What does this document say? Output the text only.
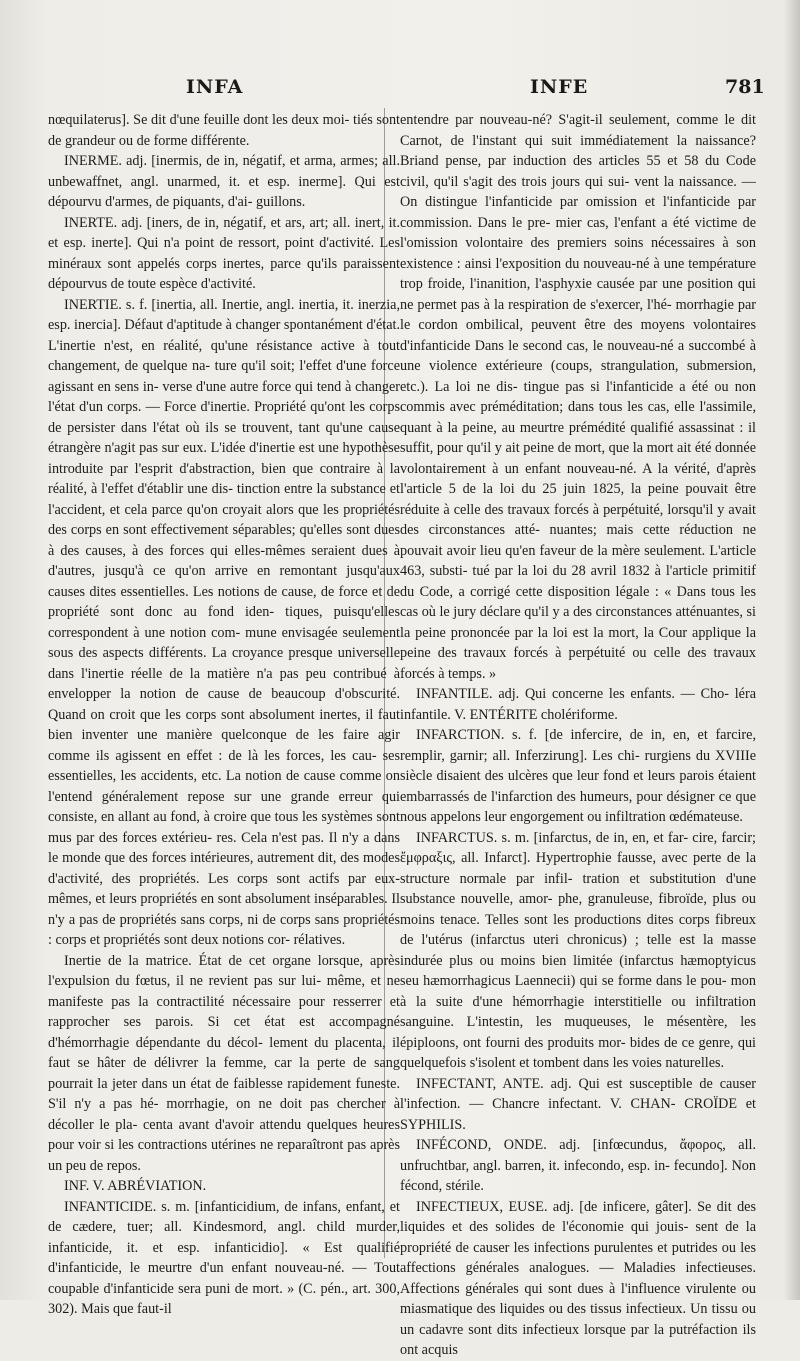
INFA	INFE	781

nœquilaterus]. Se dit d'une feuille dont les deux moi- tiés sont de grandeur ou de forme différente.

INERME. adj. [inermis, de in, négatif, et arma, armes; all. unbewaffnet, angl. unarmed, it. et esp. inerme]. Qui est dépourvu d'armes, de piquants, d'ai- guillons.

INERTE. adj. [iners, de in, négatif, et ars, art; all. inert, it. et esp. inerte]. Qui n'a point de ressort, point d'activité. Les minéraux sont appelés corps inertes, parce qu'ils paraissent dépourvus de toute espèce d'activité.

INERTIE. s. f. [inertia, all. Inertie, angl. inertia, it. inerzia, esp. inercia]. Défaut d'aptitude à changer spontanément d'état. L'inertie n'est, en réalité, qu'une résistance active à tout changement, de quelque na- ture qu'il soit; l'effet d'une force agissant en sens in- verse d'une autre force qui tend à changer l'état d'un corps. — Force d'inertie. Propriété qu'ont les corps de persister dans l'état où ils se trouvent, tant qu'une cause étrangère n'agit pas sur eux. L'idée d'inertie est une hypothèse introduite par l'esprit d'abstraction, bien que contraire à la réalité, à l'effet d'établir une dis- tinction entre la substance et l'accident, et cela parce qu'on croyait alors que les propriétés des corps en sont effectivement séparables; qu'elles sont dues à des causes, à des forces qui elles-mêmes seraient dues à d'autres, jusqu'à ce qu'on arrive en remontant jusqu'aux causes dites essentielles. Les notions de cause, de force et de propriété sont donc au fond iden- tiques, puisqu'elles correspondent à une notion com- mune envisagée seulement sous des aspects différents. La croyance presque universelle dans l'inertie réelle de la matière n'a pas peu contribué à envelopper la notion de cause de beaucoup d'obscurité. Quand on croit que les corps sont absolument inertes, il faut bien inventer une manière quelconque de les faire agir comme ils agissent en effet : de là les forces, les cau- ses essentielles, les accidents, etc. La notion de cause comme on l'entend généralement repose sur une grande erreur qui consiste, en allant au fond, à croire que tous les systèmes sont mus par des forces extérieu- res. Cela n'est pas. Il n'y a dans le monde que des forces intérieures, autrement dit, des modes d'activité, des propriétés. Les corps sont actifs par eux-mêmes, et leurs propriétés en sont absolument inséparables. Il n'y a pas de propriétés sans corps, ni de corps sans propriétés : corps et propriétés sont deux notions cor- rélatives.

Inertie de la matrice. État de cet organe lorsque, après l'expulsion du fœtus, il ne revient pas sur lui- même, et ne manifeste pas la contractilité nécessaire pour resserrer et rapprocher ses parois. Si cet état est accompagné d'hémorrhagie dépendante du décol- lement du placenta, il faut se hâter de délivrer la femme, car la perte de sang pourrait la jeter dans un état de faiblesse rapidement funeste. S'il n'y a pas hé- morrhagie, on ne doit pas chercher à décoller le pla- centa avant d'avoir attendu quelques heures pour voir si les contractions utérines ne reparaîtront pas après un peu de repos.

INF. V. ABRÉVIATION.

INFANTICIDE. s. m. [infanticidium, de infans, enfant, et de cædere, tuer; all. Kindesmord, angl. child murder, infanticide, it. et esp. infanticidio]. « Est qualifié d'infanticide, le meurtre d'un enfant nouveau-né. — Tout coupable d'infanticide sera puni de mort. » (C. pén., art. 300, 302). Mais que faut-il

entendre par nouveau-né? S'agit-il seulement, comme le dit Carnot, de l'instant qui suit immédiatement la naissance? Briand pense, par induction des articles 55 et 58 du Code civil, qu'il s'agit des trois jours qui sui- vent la naissance. — On distingue l'infanticide par omission et l'infanticide par commission. Dans le pre- mier cas, l'enfant a été victime de l'omission volontaire des premiers soins nécessaires à son existence : ainsi l'exposition du nouveau-né à une température trop froide, l'inanition, l'asphyxie causée par une position qui ne permet pas à la respiration de s'exercer, l'hé- morrhagie par le cordon ombilical, peuvent être des moyens volontaires d'infanticide Dans le second cas, le nouveau-né a succombé à une violence extérieure (coups, strangulation, submersion, etc.). La loi ne dis- tingue pas si l'infanticide a été ou non commis avec préméditation; dans tous les cas, elle l'assimile, quant à la peine, au meurtre prémédité qualifié assassinat : il suffit, pour qu'il y ait peine de mort, que la mort ait été donnée volontairement à un enfant nouveau-né. A la vérité, d'après l'article 5 de la loi du 25 juin 1825, la peine pouvait être réduite à celle des travaux forcés à perpétuité, lorsqu'il y avait des circonstances atté- nuantes; mais cette réduction ne pouvait avoir lieu qu'en faveur de la mère seulement. L'article 463, substi- tué par la loi du 28 avril 1832 à l'article primitif du Code, a corrigé cette disposition légale : « Dans tous les cas où le jury déclare qu'il y a des circonstances atténuantes, si la peine prononcée par la loi est la mort, la Cour applique la peine des travaux forcés à perpétuité ou celle des travaux forcés à temps. »

INFANTILE. adj. Qui concerne les enfants. — Cho- léra infantile. V. ENTÉRITE cholériforme.

INFARCTION. s. f. [de infercire, de in, en, et farcire, remplir, garnir; all. Inferzirung]. Les chi- rurgiens du XVIIIe siècle disaient des ulcères que leur fond et leurs parois étaient embarrassés de l'infarction des humeurs, pour désigner ce que nous appelons leur engorgement ou infiltration œdémateuse.

INFARCTUS. s. m. [infarctus, de in, en, et far- cire, farcir; ἔμφραξις, all. Infarct]. Hypertrophie fausse, avec perte de la structure normale par infil- tration et substitution d'une substance nouvelle, amor- phe, granuleuse, fibroïde, plus ou moins tenace. Telles sont les productions dites corps fibreux de l'utérus (infarctus uteri chronicus) ; telle est la masse indurée plus ou moins bien limitée (infarctus hæmoptyicus seu hæmorrhagicus Laennecii) qui se forme dans le pou- mon à la suite d'une hémorrhagie interstitielle ou infiltration sanguine. L'intestin, les muqueuses, le mésentère, les épiploons, ont fourni des produits mor- bides de ce genre, qui quelquefois s'isolent et tombent dans les voies naturelles.

INFECTANT, ANTE. adj. Qui est susceptible de causer l'infection. — Chancre infectant. V. CHAN- CROÏDE et SYPHILIS.

INFÉCOND, ONDE. adj. [infœcundus, ἄφορος, all. unfruchtbar, angl. barren, it. infecondo, esp. in- fecundo]. Non fécond, stérile.

INFECTIEUX, EUSE. adj. [de inficere, gâter]. Se dit des liquides et des solides de l'économie qui jouis- sent de la propriété de causer les infections purulentes et putrides ou les affections générales analogues. — Maladies infectieuses. Affections générales qui sont dues à l'influence virulente ou miasmatique des liquides ou des tissus infectieux. Un tissu ou un cadavre sont dits infectieux lorsque par la putréfaction ils ont acquis
